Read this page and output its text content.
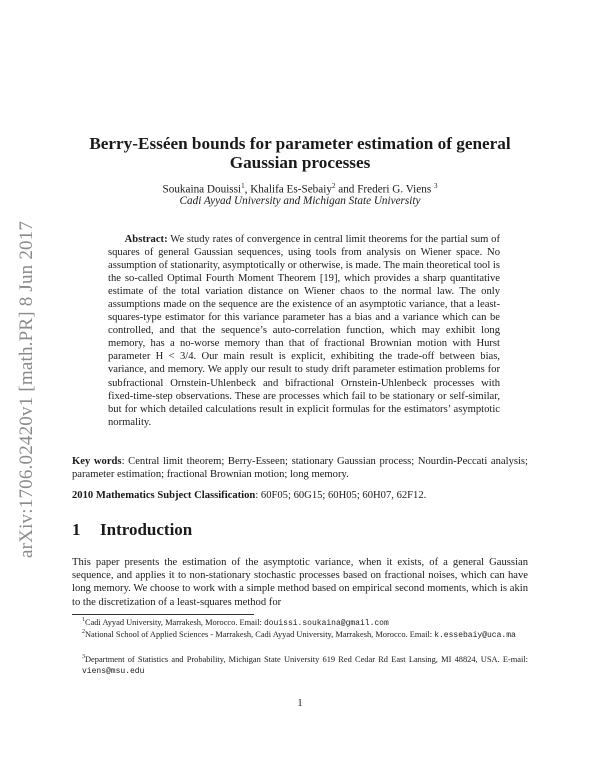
arXiv:1706.02420v1 [math.PR] 8 Jun 2017
Berry-Esséen bounds for parameter estimation of general Gaussian processes

Soukaina Douissi$^1$, Khalifa Es-Sebaiy$^2$ and Frederi G. Viens $^3$

Cadi Ayyad University and Michigan State University

Abstract: We study rates of convergence in central limit theorems for the partial sum of squares of general Gaussian sequences, using tools from analysis on Wiener space. No assumption of stationarity, asymptotically or otherwise, is made. The main theoretical tool is the so-called Optimal Fourth Moment Theorem [19], which provides a sharp quantitative estimate of the total variation distance on Wiener chaos to the normal law. The only assumptions made on the sequence are the existence of an asymptotic variance, that a least-squares-type estimator for this variance parameter has a bias and a variance which can be controlled, and that the sequence’s auto-correlation function, which may exhibit long memory, has a no-worse memory than that of fractional Brownian motion with Hurst parameter H < 3/4. Our main result is explicit, exhibiting the trade-off between bias, variance, and memory. We apply our result to study drift parameter estimation problems for subfractional Ornstein-Uhlenbeck and bifractional Ornstein-Uhlenbeck processes with fixed-time-step observations. These are processes which fail to be stationary or self-similar, but for which detailed calculations result in explicit formulas for the estimators’ asymptotic normality.

Key words: Central limit theorem; Berry-Esseen; stationary Gaussian process; Nourdin-Peccati analysis; parameter estimation; fractional Brownian motion; long memory.

2010 Mathematics Subject Classification: 60F05; 60G15; 60H05; 60H07, 62F12.

1 Introduction

This paper presents the estimation of the asymptotic variance, when it exists, of a general Gaussian sequence, and applies it to non-stationary stochastic processes based on fractional noises, which can have long memory. We choose to work with a simple method based on empirical second moments, which is akin to the discretization of a least-squares method for

$^1$Cadi Ayyad University, Marrakesh, Morocco. Email: douissi.soukaina@gmail.com

$^2$National School of Applied Sciences - Marrakesh, Cadi Ayyad University, Marrakesh, Morocco. Email: k.essebaiy@uca.ma

$^3$Department of Statistics and Probability, Michigan State University 619 Red Cedar Rd East Lansing, MI 48824, USA. E-mail: viens@msu.edu

1
